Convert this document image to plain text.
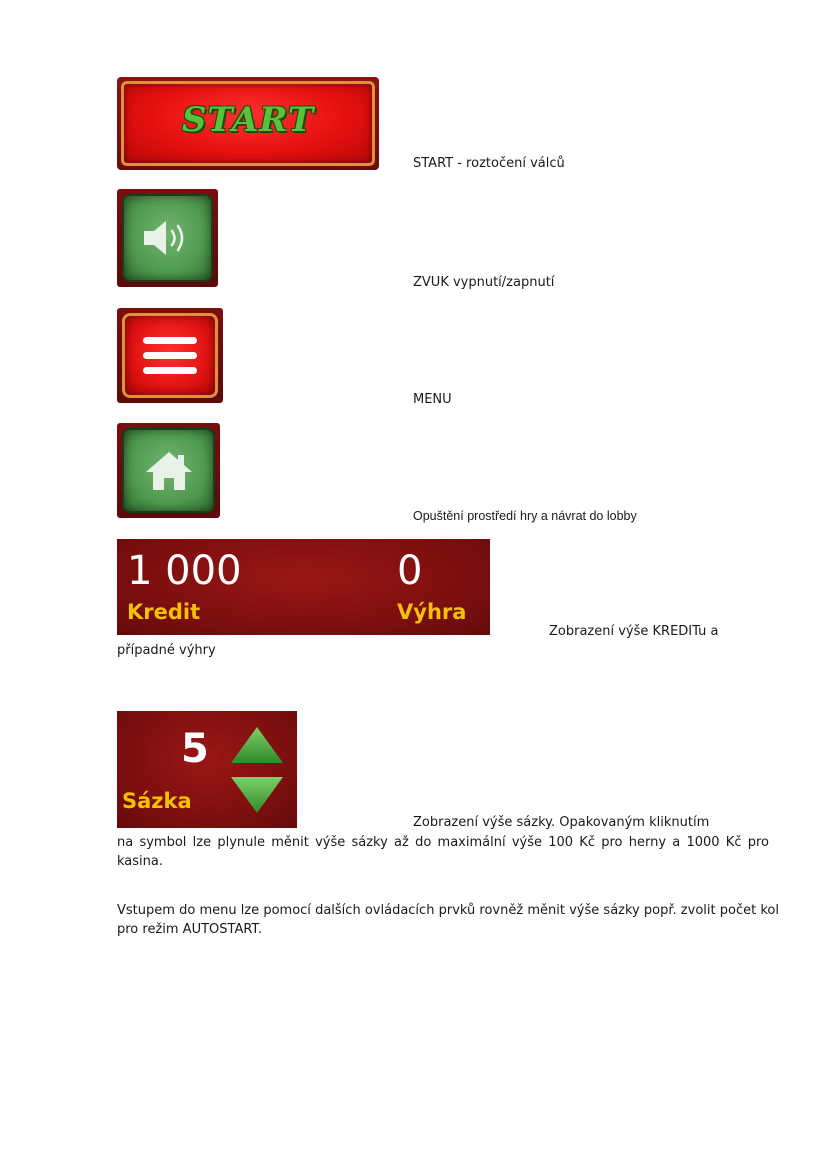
START
START - roztočení válců
ZVUK vypnutí/zapnutí
MENU
Opuštění prostředí hry a návrat do lobby
1 000
Kredit
0
Výhra
Zobrazení výše KREDITu a
případné výhry
5
Sázka
Zobrazení výše sázky. Opakovaným kliknutím
na symbol lze plynule měnit výše sázky až do maximální výše 100 Kč pro herny a 1000 Kč pro kasina.
Vstupem do menu lze pomocí dalších ovládacích prvků rovněž měnit výše sázky popř. zvolit počet kol pro režim AUTOSTART.
